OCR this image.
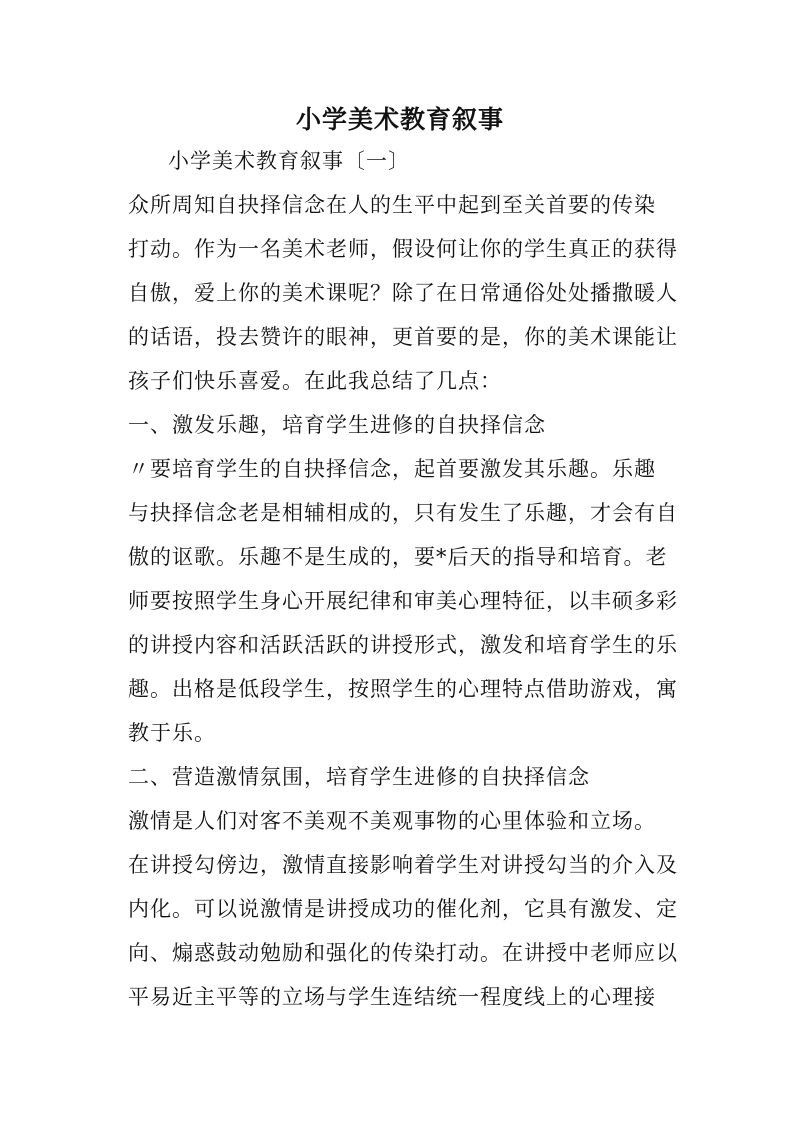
小学美术教育叙事
小学美术教育叙事〔一〕
众所周知自抉择信念在人的生平中起到至关首要的传染
打动。作为一名美术老师，假设何让你的学生真正的获得
自傲，爱上你的美术课呢？除了在日常通俗处处播撒暖人
的话语，投去赞许的眼神，更首要的是，你的美术课能让
孩子们快乐喜爱。在此我总结了几点：
一、激发乐趣，培育学生进修的自抉择信念
〃要培育学生的自抉择信念，起首要激发其乐趣。乐趣
与抉择信念老是相辅相成的，只有发生了乐趣，才会有自
傲的讴歌。乐趣不是生成的，要*后天的指导和培育。老
师要按照学生身心开展纪律和审美心理特征，以丰硕多彩
的讲授内容和活跃活跃的讲授形式，激发和培育学生的乐
趣。出格是低段学生，按照学生的心理特点借助游戏，寓
教于乐。
二、营造激情氛围，培育学生进修的自抉择信念
激情是人们对客不美观不美观事物的心里体验和立场。
在讲授勾傍边，激情直接影响着学生对讲授勾当的介入及
内化。可以说激情是讲授成功的催化剂，它具有激发、定
向、煽惑鼓动勉励和强化的传染打动。在讲授中老师应以
平易近主平等的立场与学生连结统一程度线上的心理接
